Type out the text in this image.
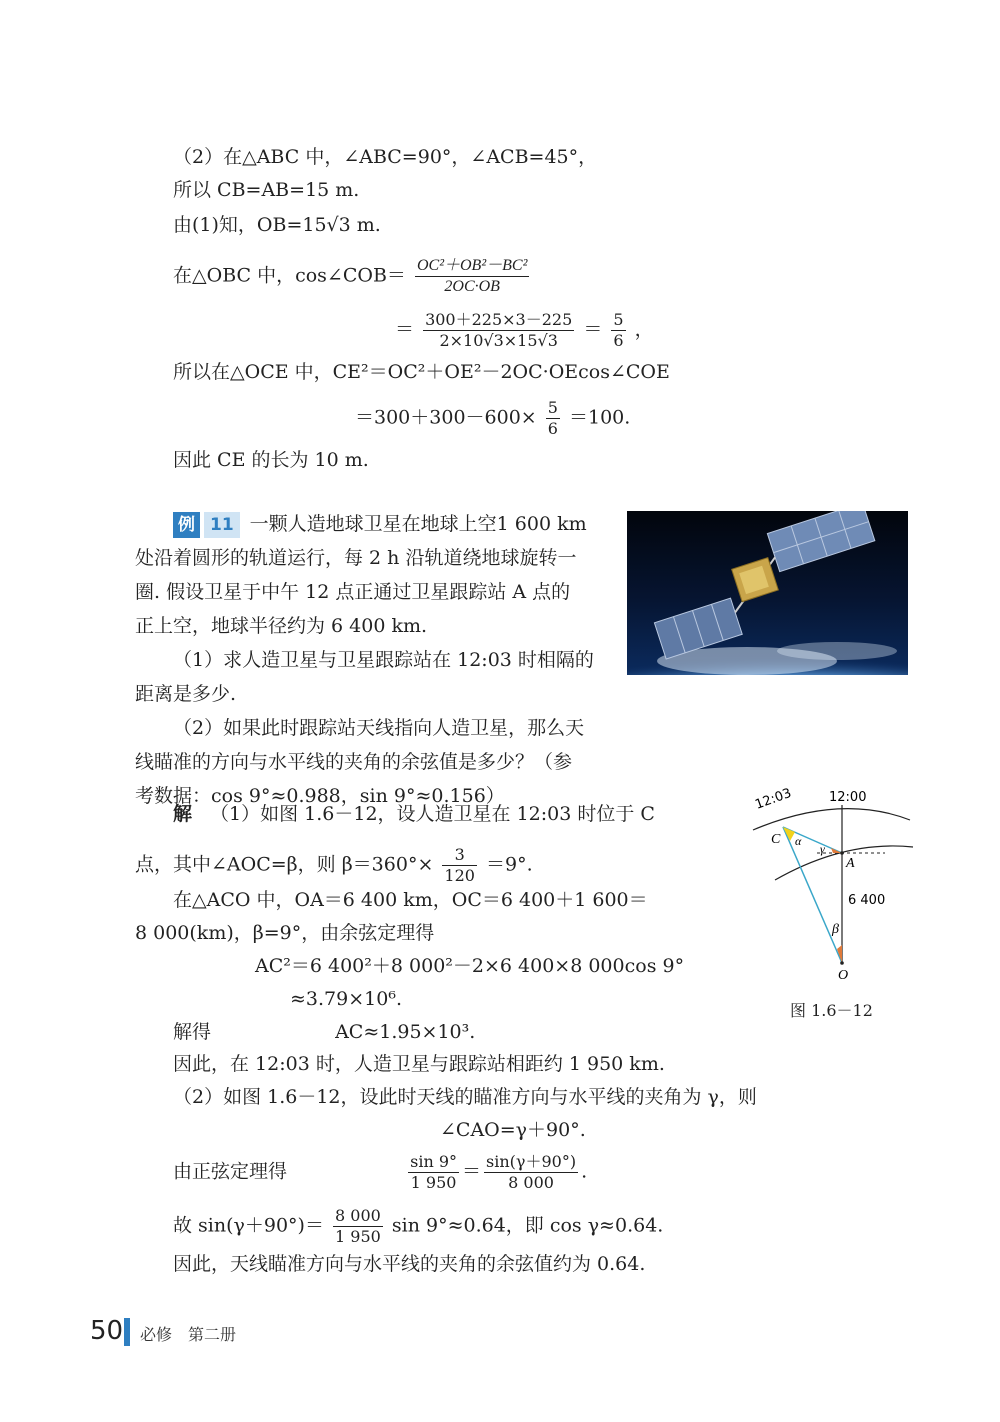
（2）在△ABC 中，∠ABC=90°，∠ACB=45°，
所以 CB=AB=15 m.
由(1)知，OB=15√3 m.
在△OBC 中，cos∠COB＝ $\frac{\text{OC²＋OB²－BC²}}{2OC\cdot OB}$
＝ $\frac{300+225\times 3-225}{2\times 10√3\times 15√3} = \frac{5}{6}$ ，
所以在△OCE 中，CE²＝OC²＋OE²－2OC·OEcos∠COE
$=300+300-600\times \frac{5}{6} =100$.
因此 CE 的长为 10 m.
例 11 一颗人造地球卫星在地球上空1 600 km
处沿着圆形的轨道运行，每 2 h 沿轨道绕地球旋转一
圈. 假设卫星于中午 12 点正通过卫星跟踪站 A 点的
正上空，地球半径约为 6 400 km.
（1）求人造卫星与卫星跟踪站在 12:03 时相隔的
距离是多少.
（2）如果此时跟踪站天线指向人造卫星，那么天
线瞄准的方向与水平线的夹角的余弦值是多少？（参
考数据：cos 9°≈0.988，sin 9°≈0.156）
解 （1）如图 1.6－12，设人造卫星在 12:03 时位于 C
点，其中∠AOC=β，则 $\beta=360^\circ\times \frac{3}{120} =9^\circ$.
在△ACO 中，OA＝6 400 km，OC＝6 400＋1 600＝
8 000(km)，β=9°，由余弦定理得
AC²＝6 400²＋8 000²－2×6 400×8 000cos 9°
≈3.79×10⁶.
解得	AC≈1.95×10³.
因此，在 12:03 时，人造卫星与跟踪站相距约 1 950 km.
（2）如图 1.6－12，设此时天线的瞄准方向与水平线的夹角为 γ，则
∠CAO=γ＋90°.
由正弦定理得	$\frac{\sin 9^\circ}{1 950} = \frac{\sin(\gamma+90^\circ)}{8 000}$ .
故 $\sin(\gamma+90^\circ)= \frac{8 000}{1 950}$ sin 9°≈0.64，即 cos γ≈0.64.
因此，天线瞄准方向与水平线的夹角的余弦值约为 0.64.
12:03	12:00
C α
γ
A
6 400
β
O
图 1.6－12
50 必修　第二册
